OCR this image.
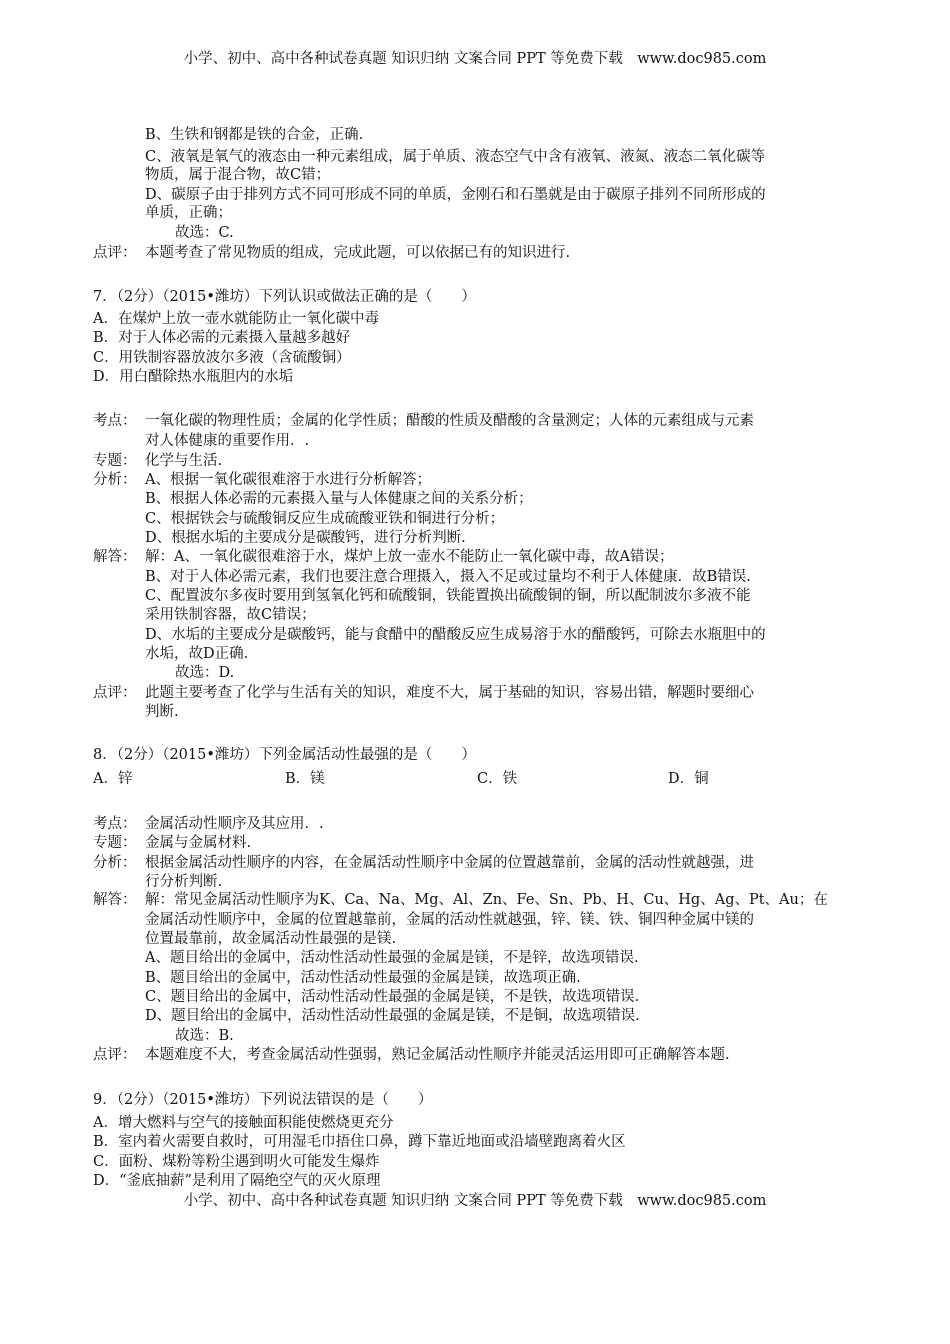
小学、初中、高中各种试卷真题 知识归纳 文案合同 PPT 等免费下载　www.doc985.com
B、生铁和钢都是铁的合金，正确.
C、液氧是氧气的液态由一种元素组成，属于单质、液态空气中含有液氧、液氮、液态二氧化碳等
物质，属于混合物，故C错；
D、碳原子由于排列方式不同可形成不同的单质，金刚石和石墨就是由于碳原子排列不同所形成的
单质，正确；
故选：C.
点评： 本题考查了常见物质的组成，完成此题，可以依据已有的知识进行.
7．（2分）（2015•潍坊）下列认识或做法正确的是（　　）
A．在煤炉上放一壶水就能防止一氧化碳中毒
B．对于人体必需的元素摄入量越多越好
C．用铁制容器放波尔多液（含硫酸铜）
D．用白醋除热水瓶胆内的水垢
考点： 一氧化碳的物理性质；金属的化学性质；醋酸的性质及醋酸的含量测定；人体的元素组成与元素
对人体健康的重要作用．.
专题： 化学与生活.
分析： A、根据一氧化碳很难溶于水进行分析解答；
B、根据人体必需的元素摄入量与人体健康之间的关系分析；
C、根据铁会与硫酸铜反应生成硫酸亚铁和铜进行分析；
D、根据水垢的主要成分是碳酸钙，进行分析判断.
解答： 解：A、一氧化碳很难溶于水，煤炉上放一壶水不能防止一氧化碳中毒，故A错误；
B、对于人体必需元素，我们也要注意合理摄入，摄入不足或过量均不利于人体健康．故B错误.
C、配置波尔多夜时要用到氢氧化钙和硫酸铜，铁能置换出硫酸铜的铜，所以配制波尔多液不能
采用铁制容器，故C错误；
D、水垢的主要成分是碳酸钙，能与食醋中的醋酸反应生成易溶于水的醋酸钙，可除去水瓶胆中的
水垢，故D正确.
故选：D.
点评： 此题主要考查了化学与生活有关的知识，难度不大，属于基础的知识，容易出错，解题时要细心
判断.
8．（2分）（2015•潍坊）下列金属活动性最强的是（　　）
A．锌	B．镁	C．铁	D．铜
考点： 金属活动性顺序及其应用．.
专题： 金属与金属材料.
分析： 根据金属活动性顺序的内容，在金属活动性顺序中金属的位置越靠前，金属的活动性就越强，进
行分析判断.
解答： 解：常见金属活动性顺序为K、Ca、Na、Mg、Al、Zn、Fe、Sn、Pb、H、Cu、Hg、Ag、Pt、Au；在
金属活动性顺序中，金属的位置越靠前，金属的活动性就越强，锌、镁、铁、铜四种金属中镁的
位置最靠前，故金属活动性最强的是镁.
A、题目给出的金属中，活动性活动性最强的金属是镁，不是锌，故选项错误.
B、题目给出的金属中，活动性活动性最强的金属是镁，故选项正确.
C、题目给出的金属中，活动性活动性最强的金属是镁，不是铁，故选项错误.
D、题目给出的金属中，活动性活动性最强的金属是镁，不是铜，故选项错误.
故选：B.
点评： 本题难度不大，考查金属活动性强弱，熟记金属活动性顺序并能灵活运用即可正确解答本题.
9．（2分）（2015•潍坊）下列说法错误的是（　　）
A．增大燃料与空气的接触面积能使燃烧更充分
B．室内着火需要自救时，可用湿毛巾捂住口鼻，蹲下靠近地面或沿墙壁跑离着火区
C．面粉、煤粉等粉尘遇到明火可能发生爆炸
D．“釜底抽薪”是利用了隔绝空气的灭火原理
小学、初中、高中各种试卷真题 知识归纳 文案合同 PPT 等免费下载　www.doc985.com
